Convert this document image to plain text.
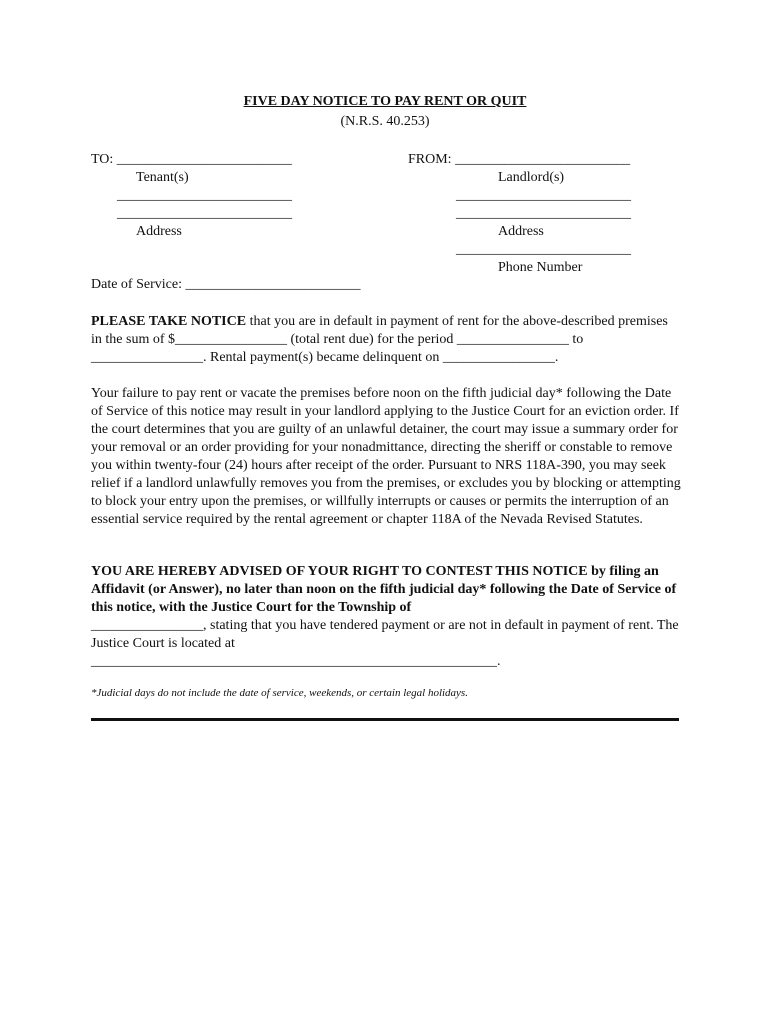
FIVE DAY NOTICE TO PAY RENT OR QUIT
(N.R.S. 40.253)
TO: _________________________
Tenant(s)
_________________________
_________________________
Address
FROM: _________________________
Landlord(s)
_________________________
_________________________
Address
_________________________
Phone Number
Date of Service: _________________________

PLEASE TAKE NOTICE that you are in default in payment of rent for the above-described premises in the sum of $________________ (total rent due) for the period ________________ to ________________. Rental payment(s) became delinquent on ________________.

Your failure to pay rent or vacate the premises before noon on the fifth judicial day* following the Date of Service of this notice may result in your landlord applying to the Justice Court for an eviction order. If the court determines that you are guilty of an unlawful detainer, the court may issue a summary order for your removal or an order providing for your nonadmittance, directing the sheriff or constable to remove you within twenty-four (24) hours after receipt of the order. Pursuant to NRS 118A-390, you may seek relief if a landlord unlawfully removes you from the premises, or excludes you by blocking or attempting to block your entry upon the premises, or willfully interrupts or causes or permits the interruption of an essential service required by the rental agreement or chapter 118A of the Nevada Revised Statutes.

YOU ARE HEREBY ADVISED OF YOUR RIGHT TO CONTEST THIS NOTICE by filing an Affidavit (or Answer), no later than noon on the fifth judicial day* following the Date of Service of this notice, with the Justice Court for the Township of
________________, stating that you have tendered payment or are not in default in payment of rent. The Justice Court is located at
__________________________________________________________.

*Judicial days do not include the date of service, weekends, or certain legal holidays.
